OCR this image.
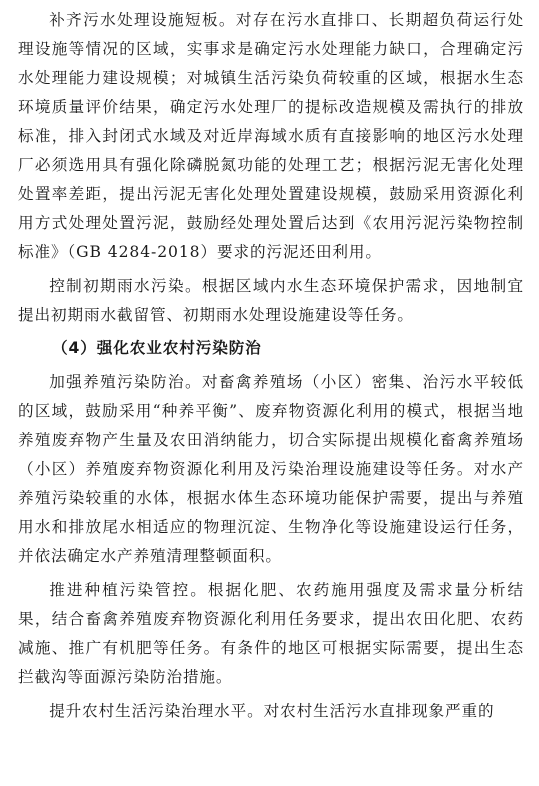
补齐污水处理设施短板。对存在污水直排口、长期超负荷运行处理设施等情况的区域，实事求是确定污水处理能力缺口，合理确定污水处理能力建设规模；对城镇生活污染负荷较重的区域，根据水生态环境质量评价结果，确定污水处理厂的提标改造规模及需执行的排放标准，排入封闭式水域及对近岸海域水质有直接影响的地区污水处理厂必须选用具有强化除磷脱氮功能的处理工艺；根据污泥无害化处理处置率差距，提出污泥无害化处理处置建设规模，鼓励采用资源化利用方式处理处置污泥，鼓励经处理处置后达到《农用污泥污染物控制标准》（GB 4284-2018）要求的污泥还田利用。

控制初期雨水污染。根据区域内水生态环境保护需求，因地制宜提出初期雨水截留管、初期雨水处理设施建设等任务。

（4）强化农业农村污染防治

加强养殖污染防治。对畜禽养殖场（小区）密集、治污水平较低的区域，鼓励采用“种养平衡”、废弃物资源化利用的模式，根据当地养殖废弃物产生量及农田消纳能力，切合实际提出规模化畜禽养殖场（小区）养殖废弃物资源化利用及污染治理设施建设等任务。对水产养殖污染较重的水体，根据水体生态环境功能保护需要，提出与养殖用水和排放尾水相适应的物理沉淀、生物净化等设施建设运行任务，并依法确定水产养殖清理整顿面积。

推进种植污染管控。根据化肥、农药施用强度及需求量分析结果，结合畜禽养殖废弃物资源化利用任务要求，提出农田化肥、农药减施、推广有机肥等任务。有条件的地区可根据实际需要，提出生态拦截沟等面源污染防治措施。

提升农村生活污染治理水平。对农村生活污水直排现象严重的
